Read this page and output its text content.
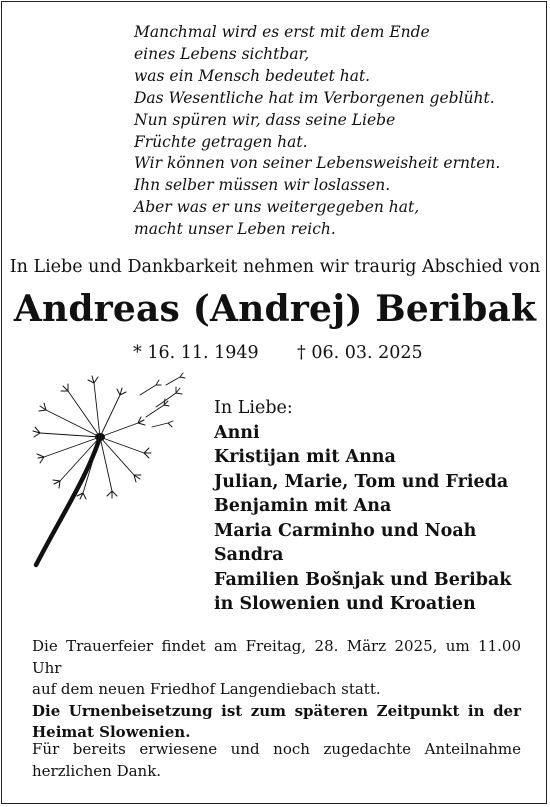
Manchmal wird es erst mit dem Ende
eines Lebens sichtbar,
was ein Mensch bedeutet hat.
Das Wesentliche hat im Verborgenen geblüht.
Nun spüren wir, dass seine Liebe
Früchte getragen hat.
Wir können von seiner Lebensweisheit ernten.
Ihn selber müssen wir loslassen.
Aber was er uns weitergegeben hat,
macht unser Leben reich.
In Liebe und Dankbarkeit nehmen wir traurig Abschied von
Andreas (Andrej) Beribak
* 16. 11. 1949 † 06. 03. 2025
In Liebe:
Anni
Kristijan mit Anna
Julian, Marie, Tom und Frieda
Benjamin mit Ana
Maria Carminho und Noah
Sandra
Familien Bošnjak und Beribak
in Slowenien und Kroatien

Die Trauerfeier findet am Freitag, 28. März 2025, um 11.00 Uhr

auf dem neuen Friedhof Langendiebach statt.

Die Urnenbeisetzung ist zum späteren Zeitpunkt in der

Heimat Slowenien.

Für bereits erwiesene und noch zugedachte Anteilnahme

herzlichen Dank.
